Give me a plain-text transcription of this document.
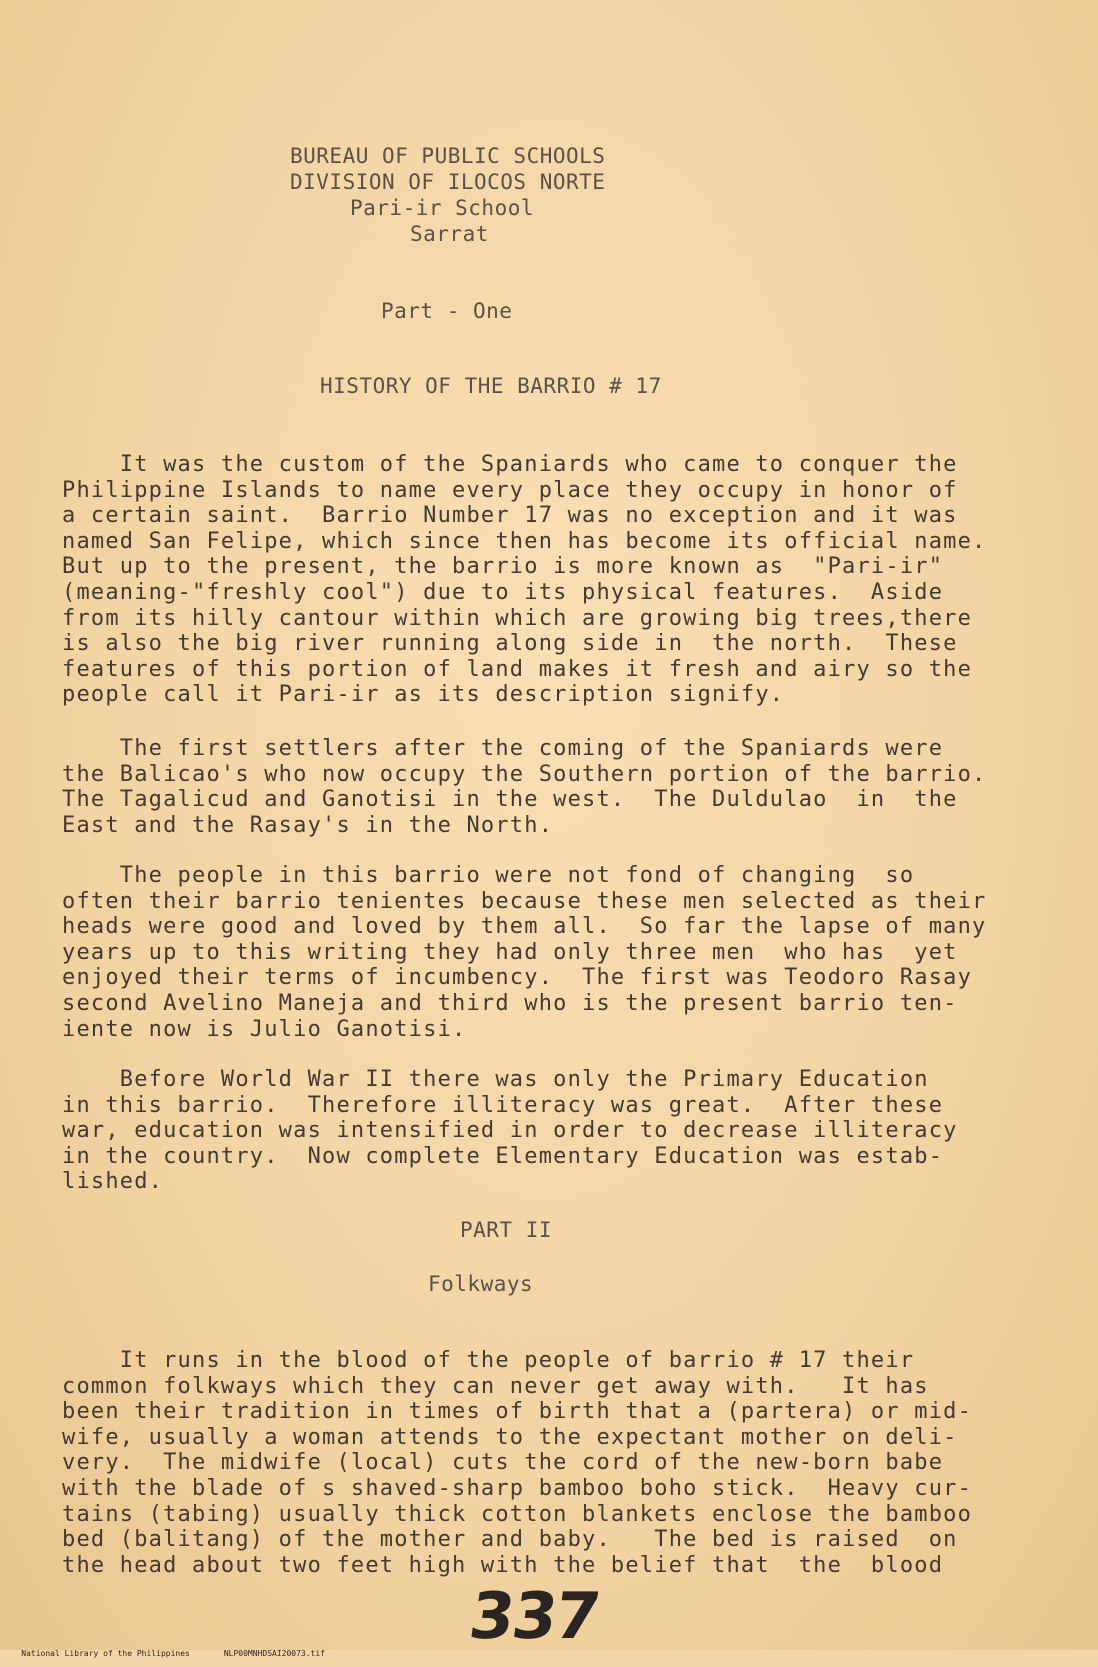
BUREAU OF PUBLIC SCHOOLS
DIVISION OF ILOCOS NORTE
Pari-ir School
Sarrat
Part - One
HISTORY OF THE BARRIO # 17
It was the custom of the Spaniards who came to conquer the
Philippine Islands to name every place they occupy in honor of
a certain saint.  Barrio Number 17 was no exception and it was
named San Felipe, which since then has become its official name.
But up to the present, the barrio is more known as  "Pari-ir"
(meaning-"freshly cool") due to its physical features.  Aside
from its hilly cantour within which are growing big trees,there
is also the big river running along side in  the north.  These
features of this portion of land makes it fresh and airy so the
people call it Pari-ir as its description signify.
The first settlers after the coming of the Spaniards were
the Balicao's who now occupy the Southern portion of the barrio.
The Tagalicud and Ganotisi in the west.  The Duldulao  in  the
East and the Rasay's in the North.
The people in this barrio were not fond of changing  so
often their barrio tenientes because these men selected as their
heads were good and loved by them all.  So far the lapse of many
years up to this writing they had only three men  who has  yet
enjoyed their terms of incumbency.  The first was Teodoro Rasay
second Avelino Maneja and third who is the present barrio ten-
iente now is Julio Ganotisi.
Before World War II there was only the Primary Education
in this barrio.  Therefore illiteracy was great.  After these
war, education was intensified in order to decrease illiteracy
in the country.  Now complete Elementary Education was estab-
lished.
PART II
Folkways
It runs in the blood of the people of barrio # 17 their
common folkways which they can never get away with.   It has
been their tradition in times of birth that a (partera) or mid-
wife, usually a woman attends to the expectant mother on deli-
very.  The midwife (local) cuts the cord of the new-born babe
with the blade of s shaved-sharp bamboo boho stick.  Heavy cur-
tains (tabing) usually thick cotton blankets enclose the bamboo
bed (balitang) of the mother and baby.   The bed is raised  on
the head about two feet high with the belief that  the  blood
337

National Library of the Philippines	NLP00MNHDSAI20073.tif
